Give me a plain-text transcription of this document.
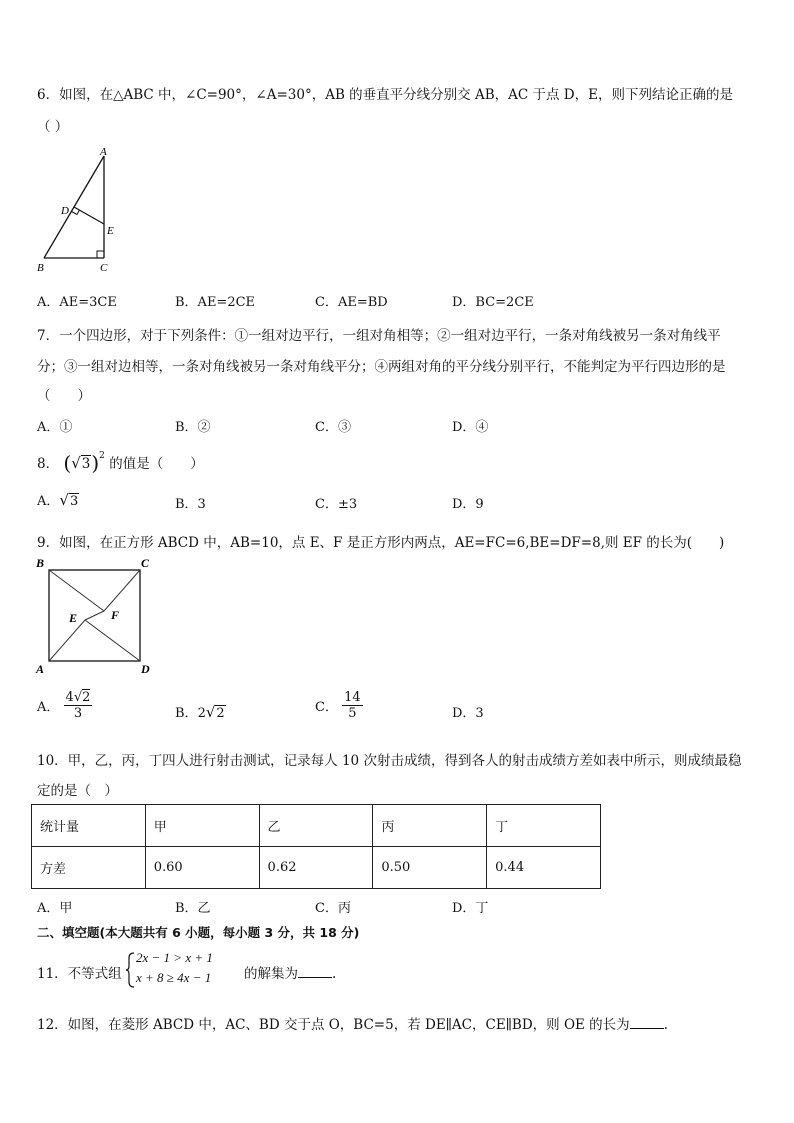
6．如图，在△ABC 中，∠C=90°，∠A=30°，AB 的垂直平分线分别交 AB，AC 于点 D，E，则下列结论正确的是
（ ）
A
D
E
B	C
A．AE=3CE	B．AE=2CE	C．AE=BD	D．BC=2CE
7．一个四边形，对于下列条件：①一组对边平行，一组对角相等；②一组对边平行，一条对角线被另一条对角线平
分；③一组对边相等，一条对角线被另一条对角线平分；④两组对角的平分线分别平行，不能判定为平行四边形的是
（　　）
A．①	B．②	C．③	D．④
8． $(√3)^2$ 的值是（　　）
A．√3	B．3	C．±3	D．9
9．如图，在正方形 ABCD 中，AB=10，点 E、F 是正方形内两点，AE=FC=6,BE=DF=8,则 EF 的长为(　　)
B	C
A	D
E	F
A． $\frac{4√2}{3}$	B．2√2	C． $\frac{14}{5}$	D．3
10．甲，乙，丙，丁四人进行射击测试，记录每人 10 次射击成绩，得到各人的射击成绩方差如表中所示，则成绩最稳
定的是（　）
统计量	甲	乙	丙	丁
方差	0.60	0.62	0.50	0.44
A．甲	B．乙	C．丙	D．丁
二、填空题(本大题共有 6 小题，每小题 3 分，共 18 分)
11．不等式组
2x − 1 > x + 1
x + 8 ≥ 4x − 1 的解集为	.
12．如图，在菱形 ABCD 中，AC、BD 交于点 O，BC=5，若 DE∥AC，CE∥BD，则 OE 的长为	.
